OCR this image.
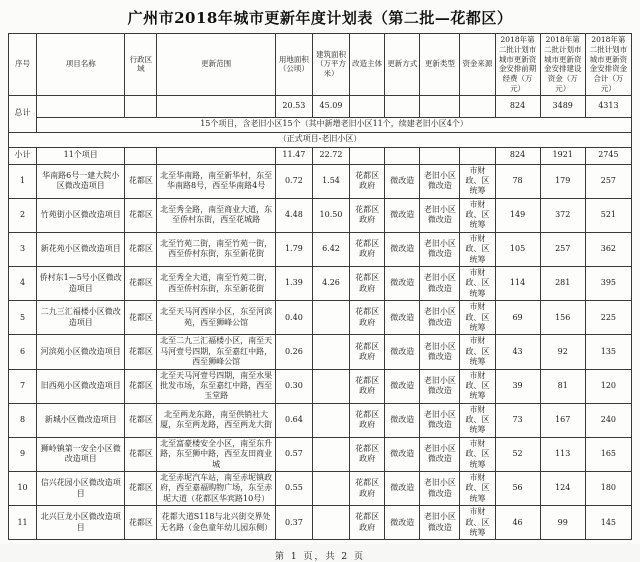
广州市2018年城市更新年度计划表（第二批—花都区）
序号	项目名称	行政区域	更新范围	用地面积（公顷）	建筑面积（万平方米）	改造主体	更新方式	更新类型	资金来源	2018年第二批计划市城市更新资金安排前期经费（万元）	2018年第二批计划市城市更新资金安排建设资金（万元）	2018年第二批计划市城市更新资金安排资金合计（万元）
总计				20.53	45.09					824	3489	4313
	15个项目，含老旧小区15个（其中新增老旧小区11个，续建老旧小区4个）											
（正式项目-老旧小区）												
小计	11个项目			11.47	22.72					824	1921	2745
1	华南路6号一建大院小区微改造项目	花都区	北至华南路，南至新华村，东至华南路8号，西至华南路4号	0.72	1.54	花都区政府	微改造	老旧小区微改造	市财政、区统筹	78	179	257
2	竹苑街小区微改造项目	花都区	北至秀全路，南至商业大道，东至侨村东街，西至花城路	4.48	10.50	花都区政府	微改造	老旧小区微改造	市财政、区统筹	149	372	521
3	新花苑小区微改造项目	花都区	北至竹苑二街，南至竹苑一街，西至侨村东街，东至新花街	1.79	6.42	花都区政府	微改造	老旧小区微改造	市财政、区统筹	105	257	362
4	侨村东1—5号小区微改造项目	花都区	北至秀全大道，南至竹苑二街，西至侨村东街，东至新花街	1.39	4.26	花都区政府	微改造	老旧小区微改造	市财政、区统筹	114	281	395
5	二九三汇福楼小区微改造项目	花都区	北至天马河西岸小区，东至河滨苑，西至狮峰公馆	0.40		花都区政府	微改造	老旧小区微改造	市财政、区统筹	69	156	225
6	河滨苑小区微改造项目	花都区	北至二九三汇福楼小区，南至天马河壹号四期，东至嘉红中路，西至狮峰公馆	0.26		花都区政府	微改造	老旧小区微改造	市财政、区统筹	43	92	135
7	旧西苑小区微改造项目	花都区	北至天马河壹号四期，南至水果批发市场，东至嘉红中路，西至玉堂路	0.30		花都区政府	微改造	老旧小区微改造	市财政、区统筹	39	81	120
8	新城小区微改造项目	花都区	北至两龙东路，南至供销社大厦，东至两龙路，西至两龙大街	0.64		花都区政府	微改造	老旧小区微改造	市财政、区统筹	73	167	240
9	狮岭镇第一安全小区微改造项目	花都区	北至富豪楼安全小区，南至东升路，东至狮中路，西至友田商业城	0.57		花都区政府	微改造	老旧小区微改造	市财政、区统筹	52	113	165
10	信兴花园小区微改造项目	花都区	北至赤坭汽车站，南至赤坭镇政府，西至嘉福购物广场，东至赤坭大道（花都区华宾路10号）	0.55		花都区政府	微改造	老旧小区微改造	市财政、区统筹	56	124	180
11	北兴巨龙小区微改造项目	花都区	花都大道S118与北兴街交界处无名路（金色童年幼儿园东侧）	0.37		花都区政府	微改造	老旧小区微改造	市财政、区统筹	46	99	145
第 1 页，共 2 页
